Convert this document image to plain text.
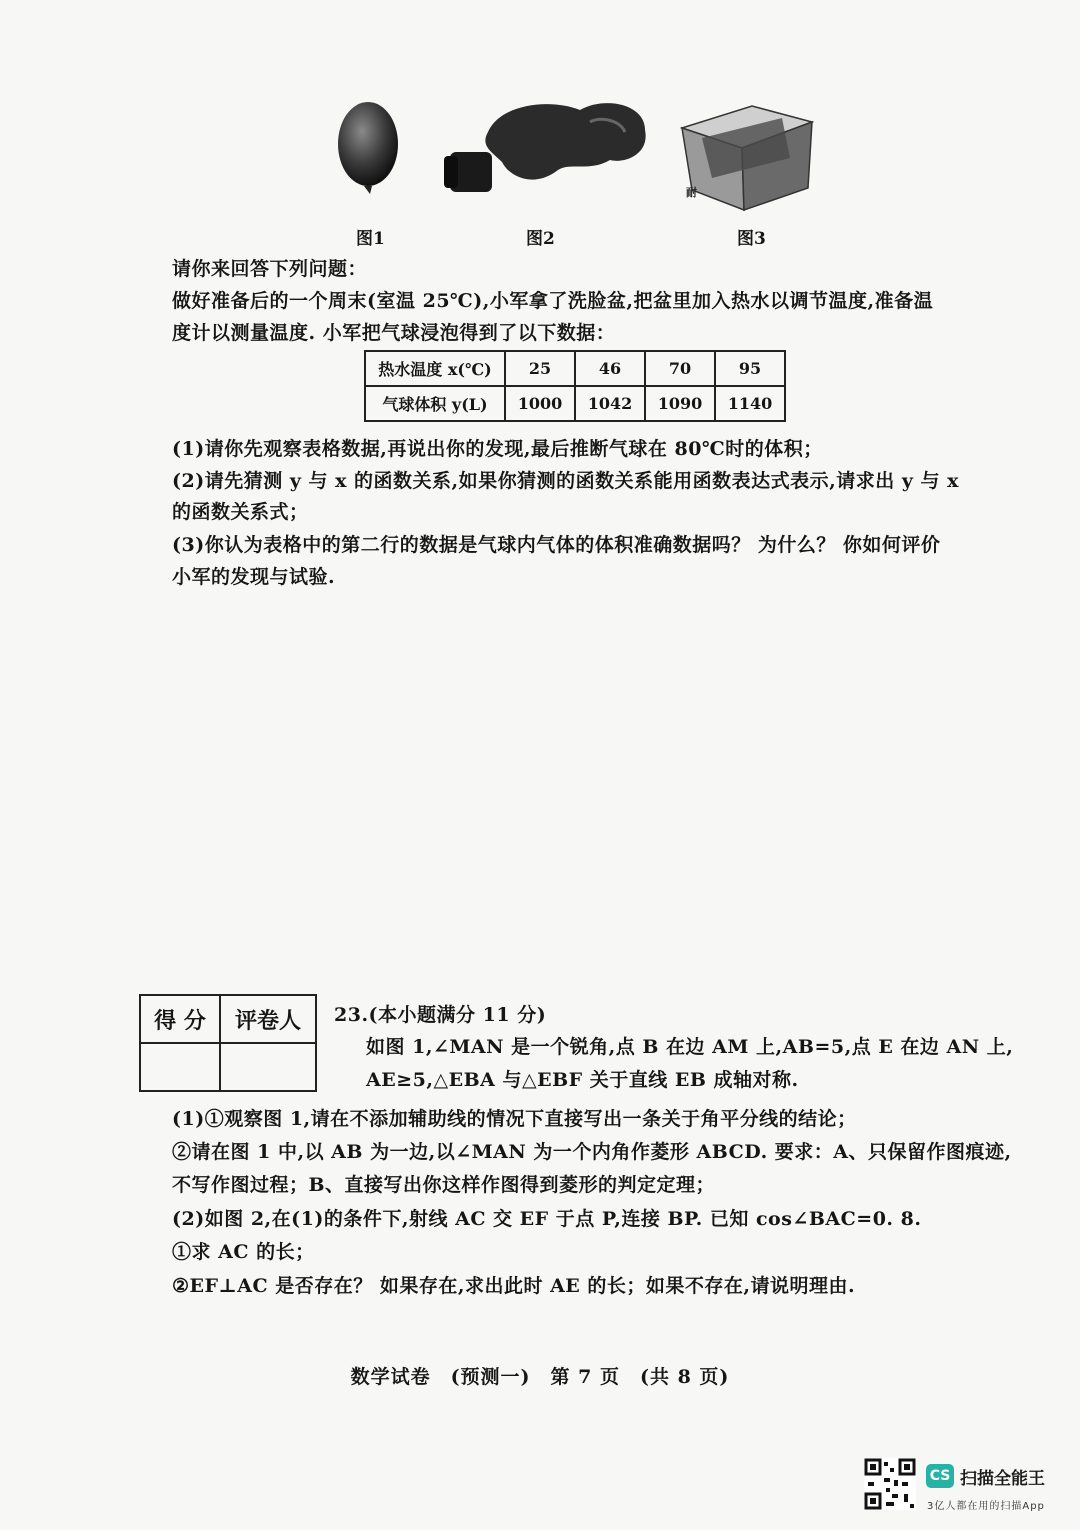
耐
图1	图2	图3
请你来回答下列问题：
做好准备后的一个周末(室温 25℃),小军拿了洗脸盆,把盆里加入热水以调节温度,准备温
度计以测量温度. 小军把气球浸泡得到了以下数据：
热水温度 x(℃)	25	46	70	95
气球体积 y(L)	1000	1042	1090	1140
(1)请你先观察表格数据,再说出你的发现,最后推断气球在 80℃时的体积；
(2)请先猜测 y 与 x 的函数关系,如果你猜测的函数关系能用函数表达式表示,请求出 y 与 x
的函数关系式；
(3)你认为表格中的第二行的数据是气球内气体的体积准确数据吗？ 为什么？ 你如何评价
小军的发现与试验.
得 分	评卷人
	23.(本小题满分 11 分)
如图 1,∠MAN 是一个锐角,点 B 在边 AM 上,AB=5,点 E 在边 AN 上,
AE≥5,△EBA 与△EBF 关于直线 EB 成轴对称.
(1)①观察图 1,请在不添加辅助线的情况下直接写出一条关于角平分线的结论；
②请在图 1 中,以 AB 为一边,以∠MAN 为一个内角作菱形 ABCD. 要求：A、只保留作图痕迹,
不写作图过程；B、直接写出你这样作图得到菱形的判定定理；
(2)如图 2,在(1)的条件下,射线 AC 交 EF 于点 P,连接 BP. 已知 cos∠BAC=0. 8.
①求 AC 的长；
②EF⊥AC 是否存在？ 如果存在,求出此时 AE 的长；如果不存在,请说明理由.
数学试卷　(预测一)　第 7 页　(共 8 页)
CS 扫描全能王
3亿人都在用的扫描App
